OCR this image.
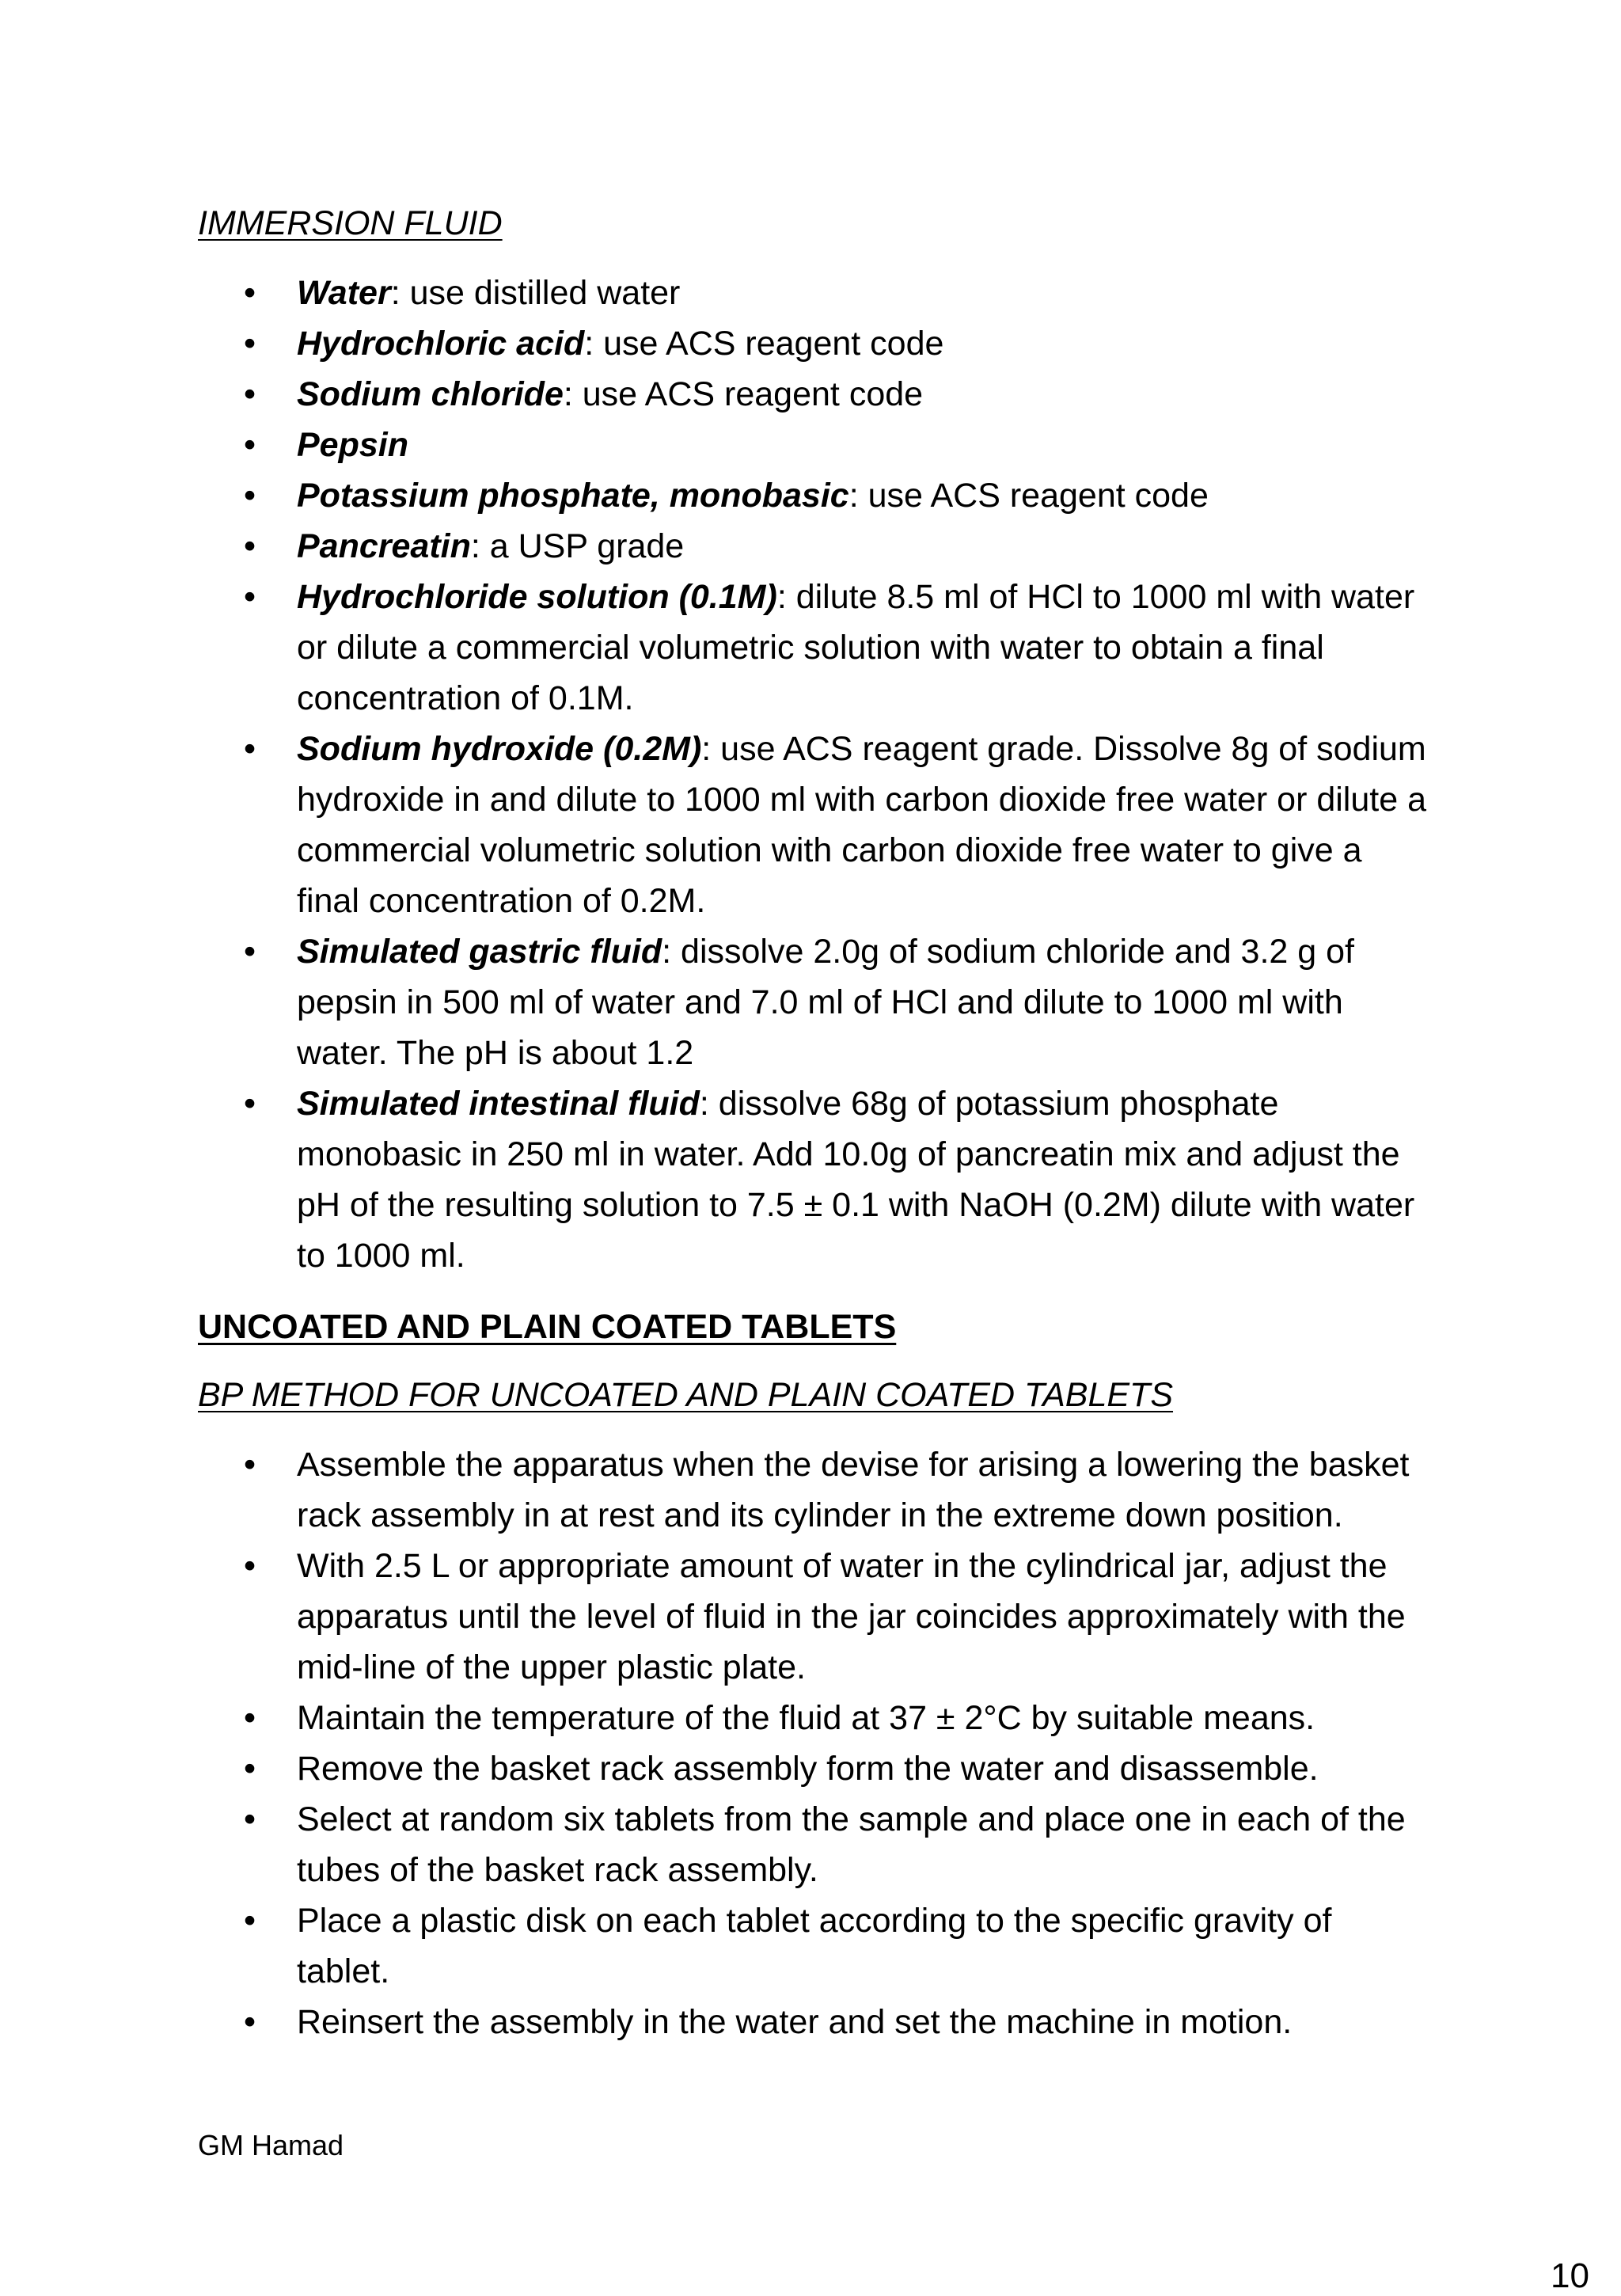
IMMERSION FLUID

• Water: use distilled water
• Hydrochloric acid: use ACS reagent code
• Sodium chloride: use ACS reagent code
• Pepsin
• Potassium phosphate, monobasic: use ACS reagent code
• Pancreatin: a USP grade
• Hydrochloride solution (0.1M): dilute 8.5 ml of HCl to 1000 ml with water or dilute a commercial volumetric solution with water to obtain a final concentration of 0.1M.
• Sodium hydroxide (0.2M): use ACS reagent grade. Dissolve 8g of sodium hydroxide in and dilute to 1000 ml with carbon dioxide free water or dilute a commercial volumetric solution with carbon dioxide free water to give a final concentration of 0.2M.
• Simulated gastric fluid: dissolve 2.0g of sodium chloride and 3.2 g of pepsin in 500 ml of water and 7.0 ml of HCl and dilute to 1000 ml with water. The pH is about 1.2
• Simulated intestinal fluid: dissolve 68g of potassium phosphate monobasic in 250 ml in water. Add 10.0g of pancreatin mix and adjust the pH of the resulting solution to 7.5 ± 0.1 with NaOH (0.2M) dilute with water to 1000 ml.

UNCOATED AND PLAIN COATED TABLETS

BP METHOD FOR UNCOATED AND PLAIN COATED TABLETS

• Assemble the apparatus when the devise for arising a lowering the basket rack assembly in at rest and its cylinder in the extreme down position.
• With 2.5 L or appropriate amount of water in the cylindrical jar, adjust the apparatus until the level of fluid in the jar coincides approximately with the mid-line of the upper plastic plate.
• Maintain the temperature of the fluid at 37 ± 2°C by suitable means.
• Remove the basket rack assembly form the water and disassemble.
• Select at random six tablets from the sample and place one in each of the tubes of the basket rack assembly.
• Place a plastic disk on each tablet according to the specific gravity of tablet.
• Reinsert the assembly in the water and set the machine in motion.
GM Hamad
10
